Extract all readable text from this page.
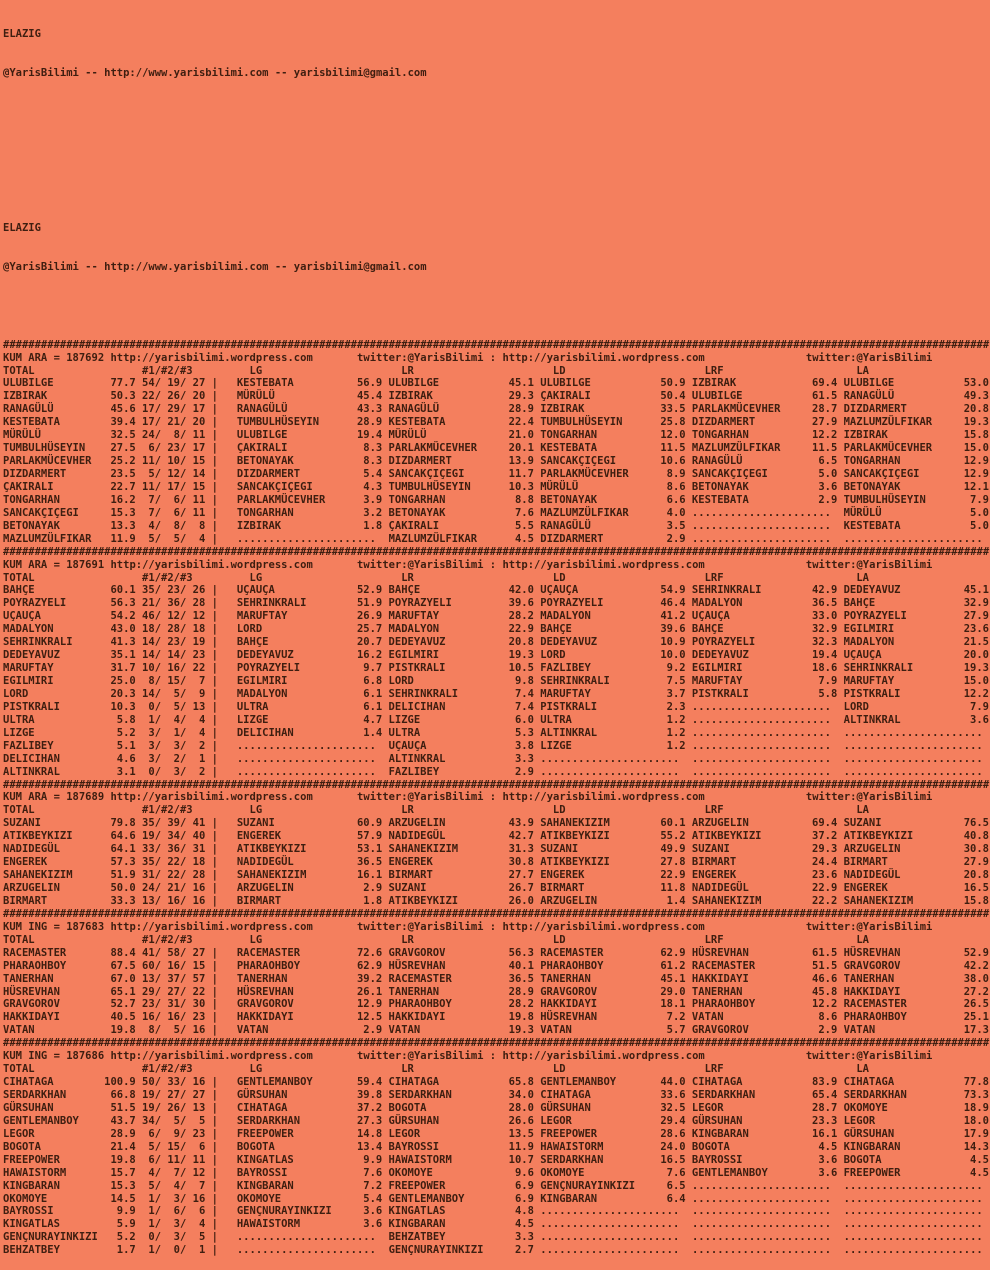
ELAZIG

@YarisBilimi -- http://www.yarisbilimi.com -- yarisbilimi@gmail.com

ELAZIG

@YarisBilimi -- http://www.yarisbilimi.com -- yarisbilimi@gmail.com

############################################################################################################################################################
KUM ARA = 187692 http://yarisbilimi.wordpress.com	twitter:@YarisBilimi : http://yarisbilimi.wordpress.com	twitter:@YarisBilimi
TOTAL	#1/#2/#3	LG	LR	LD	LRF	LA
ULUBILGE	77.7 54/ 19/ 27 | KESTEBATA	56.9 ULUBILGE	45.1 ULUBILGE	50.9 IZBIRAK	69.4 ULUBILGE	53.0
IZBIRAK	50.3 22/ 26/ 20 | MÜRÜLÜ	45.4 IZBIRAK	29.3 ÇAKIRALI	50.4 ULUBILGE	61.5 RANAGÜLÜ	49.3
RANAGÜLÜ	45.6 17/ 29/ 17 | RANAGÜLÜ	43.3 RANAGÜLÜ	28.9 IZBIRAK	33.5 PARLAKMÜCEVHER	28.7 DIZDARMERT	20.8
KESTEBATA	39.4 17/ 21/ 20 | TUMBULHÜSEYIN	28.9 KESTEBATA	22.4 TUMBULHÜSEYIN	25.8 DIZDARMERT	27.9 MAZLUMZÜLFIKAR	19.3
MÜRÜLÜ	32.5 24/  8/ 11 | ULUBILGE	19.4 MÜRÜLÜ	21.0 TONGARHAN	12.0 TONGARHAN	12.2 IZBIRAK	15.8
TUMBULHÜSEYIN 27.5  6/ 23/ 17 | ÇAKIRALI	8.3 PARLAKMÜCEVHER	20.1 KESTEBATA	11.5 MAZLUMZÜLFIKAR	11.5 PARLAKMÜCEVHER	15.0
PARLAKMÜCEVHER 25.2 11/ 10/ 15 | BETONAYAK	8.3 DIZDARMERT	13.9 SANCAKÇIÇEGI	10.6 RANAGÜLÜ	6.5 TONGARHAN	12.9
DIZDARMERT	23.5  5/ 12/ 14 | DIZDARMERT	5.4 SANCAKÇIÇEGI	11.7 PARLAKMÜCEVHER	8.9 SANCAKÇIÇEGI	5.0 SANCAKÇIÇEGI	12.9
ÇAKIRALI	22.7 11/ 17/ 15 | SANCAKÇIÇEGI	4.3 TUMBULHÜSEYIN	10.3 MÜRÜLÜ	8.6 BETONAYAK	3.6 BETONAYAK	12.1
TONGARHAN	16.2  7/  6/ 11 | PARLAKMÜCEVHER	3.9 TONGARHAN	8.8 BETONAYAK	6.6 KESTEBATA	2.9 TUMBULHÜSEYIN	7.9
SANCAKÇIÇEGI	15.3  7/  6/ 11 | TONGARHAN	3.2 BETONAYAK	7.6 MAZLUMZÜLFIKAR	4.0 ...................... MÜRÜLÜ	5.0
BETONAYAK	13.3  4/  8/  8 | IZBIRAK	1.8 ÇAKIRALI	5.5 RANAGÜLÜ	3.5 ...................... KESTEBATA	5.0
MAZLUMZÜLFIKAR 11.9  5/  5/  4 | ...................... MAZLUMZÜLFIKAR	4.5 DIZDARMERT	2.9 ...................... ......................
############################################################################################################################################################
KUM ARA = 187691 http://yarisbilimi.wordpress.com	twitter:@YarisBilimi : http://yarisbilimi.wordpress.com	twitter:@YarisBilimi
TOTAL	#1/#2/#3	LG	LR	LD	LRF	LA
BAHÇE	60.1 35/ 23/ 26 | UÇAUÇA	52.9 BAHÇE	42.0 UÇAUÇA	54.9 SEHRINKRALI	42.9 DEDEYAVUZ	45.1
POYRAZYELI	56.3 21/ 36/ 28 | SEHRINKRALI	51.9 POYRAZYELI	39.6 POYRAZYELI	46.4 MADALYON	36.5 BAHÇE	32.9
UÇAUÇA	54.2 46/ 12/ 12 | MARUFTAY	26.9 MARUFTAY	28.2 MADALYON	41.2 UÇAUÇA	33.0 POYRAZYELI	27.9
MADALYON	43.0 18/ 28/ 18 | LORD	25.7 MADALYON	22.9 BAHÇE	39.6 BAHÇE	32.9 EGILMIRI	23.6
SEHRINKRALI	41.3 14/ 23/ 19 | BAHÇE	20.7 DEDEYAVUZ	20.8 DEDEYAVUZ	10.9 POYRAZYELI	32.3 MADALYON	21.5
DEDEYAVUZ	35.1 14/ 14/ 23 | DEDEYAVUZ	16.2 EGILMIRI	19.3 LORD	10.0 DEDEYAVUZ	19.4 UÇAUÇA	20.0
MARUFTAY	31.7 10/ 16/ 22 | POYRAZYELI	9.7 PISTKRALI	10.5 FAZLIBEY	9.2 EGILMIRI	18.6 SEHRINKRALI	19.3
EGILMIRI	25.0  8/ 15/  7 | EGILMIRI	6.8 LORD	9.8 SEHRINKRALI	7.5 MARUFTAY	7.9 MARUFTAY	15.0
LORD	20.3 14/  5/  9 | MADALYON	6.1 SEHRINKRALI	7.4 MARUFTAY	3.7 PISTKRALI	5.8 PISTKRALI	12.2
PISTKRALI	10.3  0/  5/ 13 | ULTRA	6.1 DELICIHAN	7.4 PISTKRALI	2.3 ...................... LORD	7.9
ULTRA	5.8  1/  4/  4 | LIZGE	4.7 LIZGE	6.0 ULTRA	1.2 ...................... ALTINKRAL	3.6
LIZGE	5.2  3/  1/  4 | DELICIHAN	1.4 ULTRA	5.3 ALTINKRAL	1.2 ...................... ......................
FAZLIBEY	5.1  3/  3/  2 | ...................... UÇAUÇA	3.8 LIZGE	1.2 ...................... ......................
DELICIHAN	4.6  3/  2/  1 | ...................... ALTINKRAL	3.3 ...................... ...................... ......................
ALTINKRAL	3.1  0/  3/  2 | ...................... FAZLIBEY	2.9 ...................... ...................... ......................
############################################################################################################################################################
KUM ARA = 187689 http://yarisbilimi.wordpress.com	twitter:@YarisBilimi : http://yarisbilimi.wordpress.com	twitter:@YarisBilimi
TOTAL	#1/#2/#3	LG	LR	LD	LRF	LA
SUZANI	79.8 35/ 39/ 41 | SUZANI	60.9 ARZUGELIN	43.9 SAHANEKIZIM	60.1 ARZUGELIN	69.4 SUZANI	76.5
ATIKBEYKIZI	64.6 19/ 34/ 40 | ENGEREK	57.9 NADIDEGÜL	42.7 ATIKBEYKIZI	55.2 ATIKBEYKIZI	37.2 ATIKBEYKIZI	40.8
NADIDEGÜL	64.1 33/ 36/ 31 | ATIKBEYKIZI	53.1 SAHANEKIZIM	31.3 SUZANI	49.9 SUZANI	29.3 ARZUGELIN	30.8
ENGEREK	57.3 35/ 22/ 18 | NADIDEGÜL	36.5 ENGEREK	30.8 ATIKBEYKIZI	27.8 BIRMART	24.4 BIRMART	27.9
SAHANEKIZIM	51.9 31/ 22/ 28 | SAHANEKIZIM	16.1 BIRMART	27.7 ENGEREK	22.9 ENGEREK	23.6 NADIDEGÜL	20.8
ARZUGELIN	50.0 24/ 21/ 16 | ARZUGELIN	2.9 SUZANI	26.7 BIRMART	11.8 NADIDEGÜL	22.9 ENGEREK	16.5
BIRMART	33.3 13/ 16/ 16 | BIRMART	1.8 ATIKBEYKIZI	26.0 ARZUGELIN	1.4 SAHANEKIZIM	22.2 SAHANEKIZIM	15.8
############################################################################################################################################################
KUM ING = 187683 http://yarisbilimi.wordpress.com	twitter:@YarisBilimi : http://yarisbilimi.wordpress.com	twitter:@YarisBilimi
TOTAL	#1/#2/#3	LG	LR	LD	LRF	LA
RACEMASTER	88.4 41/ 58/ 27 | RACEMASTER	72.6 GRAVGOROV	56.3 RACEMASTER	62.9 HÜSREVHAN	61.5 HÜSREVHAN	52.9
PHARAOHBOY	67.5 60/ 16/ 15 | PHARAOHBOY	62.9 HÜSREVHAN	40.1 PHARAOHBOY	61.2 RACEMASTER	51.5 GRAVGOROV	42.2
TANERHAN	67.0 13/ 37/ 57 | TANERHAN	39.2 RACEMASTER	36.5 TANERHAN	45.1 HAKKIDAYI	46.6 TANERHAN	38.0
HÜSREVHAN	65.1 29/ 27/ 22 | HÜSREVHAN	26.1 TANERHAN	28.9 GRAVGOROV	29.0 TANERHAN	45.8 HAKKIDAYI	27.2
GRAVGOROV	52.7 23/ 31/ 30 | GRAVGOROV	12.9 PHARAOHBOY	28.2 HAKKIDAYI	18.1 PHARAOHBOY	12.2 RACEMASTER	26.5
HAKKIDAYI	40.5 16/ 16/ 23 | HAKKIDAYI	12.5 HAKKIDAYI	19.8 HÜSREVHAN	7.2 VATAN	8.6 PHARAOHBOY	25.1
VATAN	19.8  8/  5/ 16 | VATAN	2.9 VATAN	19.3 VATAN	5.7 GRAVGOROV	2.9 VATAN	17.3
############################################################################################################################################################
KUM ING = 187686 http://yarisbilimi.wordpress.com	twitter:@YarisBilimi : http://yarisbilimi.wordpress.com	twitter:@YarisBilimi
TOTAL	#1/#2/#3	LG	LR	LD	LRF	LA
CIHATAGA	100.9 50/ 33/ 16 | GENTLEMANBOY	59.4 CIHATAGA	65.8 GENTLEMANBOY	44.0 CIHATAGA	83.9 CIHATAGA	77.8
SERDARKHAN	66.8 19/ 27/ 27 | GÜRSUHAN	39.8 SERDARKHAN	34.0 CIHATAGA	33.6 SERDARKHAN	65.4 SERDARKHAN	73.3
GÜRSUHAN	51.5 19/ 26/ 13 | CIHATAGA	37.2 BOGOTA	28.0 GÜRSUHAN	32.5 LEGOR	28.7 OKOMOYE	18.9
GENTLEMANBOY	43.7 34/  5/  5 | SERDARKHAN	27.3 GÜRSUHAN	26.6 LEGOR	29.4 GÜRSUHAN	23.3 LEGOR	18.0
LEGOR	28.9  6/  9/ 23 | FREEPOWER	14.8 LEGOR	13.5 FREEPOWER	28.6 KINGBARAN	16.1 GÜRSUHAN	17.9
BOGOTA	21.4  5/ 15/  6 | BOGOTA	13.4 BAYROSSI	11.9 HAWAISTORM	24.0 BOGOTA	4.5 KINGBARAN	14.3
FREEPOWER	19.8  6/ 11/ 11 | KINGATLAS	9.9 HAWAISTORM	10.7 SERDARKHAN	16.5 BAYROSSI	3.6 BOGOTA	4.5
HAWAISTORM	15.7  4/  7/ 12 | BAYROSSI	7.6 OKOMOYE	9.6 OKOMOYE	7.6 GENTLEMANBOY	3.6 FREEPOWER	4.5
KINGBARAN	15.3  5/  4/  7 | KINGBARAN	7.2 FREEPOWER	6.9 GENÇNURAYINKIZI	6.5 ...................... ......................
OKOMOYE	14.5  1/  3/ 16 | OKOMOYE	5.4 GENTLEMANBOY	6.9 KINGBARAN	6.4 ...................... ......................
BAYROSSI	9.9  1/  6/  6 | GENÇNURAYINKIZI	3.6 KINGATLAS	4.8 ...................... ...................... ......................
KINGATLAS	5.9  1/  3/  4 | HAWAISTORM	3.6 KINGBARAN	4.5 ...................... ...................... ......................
GENÇNURAYINKIZI 5.2  0/  3/  5 | ...................... BEHZATBEY	3.3 ...................... ...................... ......................
BEHZATBEY	1.7  1/  0/  1 | ...................... GENÇNURAYINKIZI	2.7 ...................... ...................... ......................
